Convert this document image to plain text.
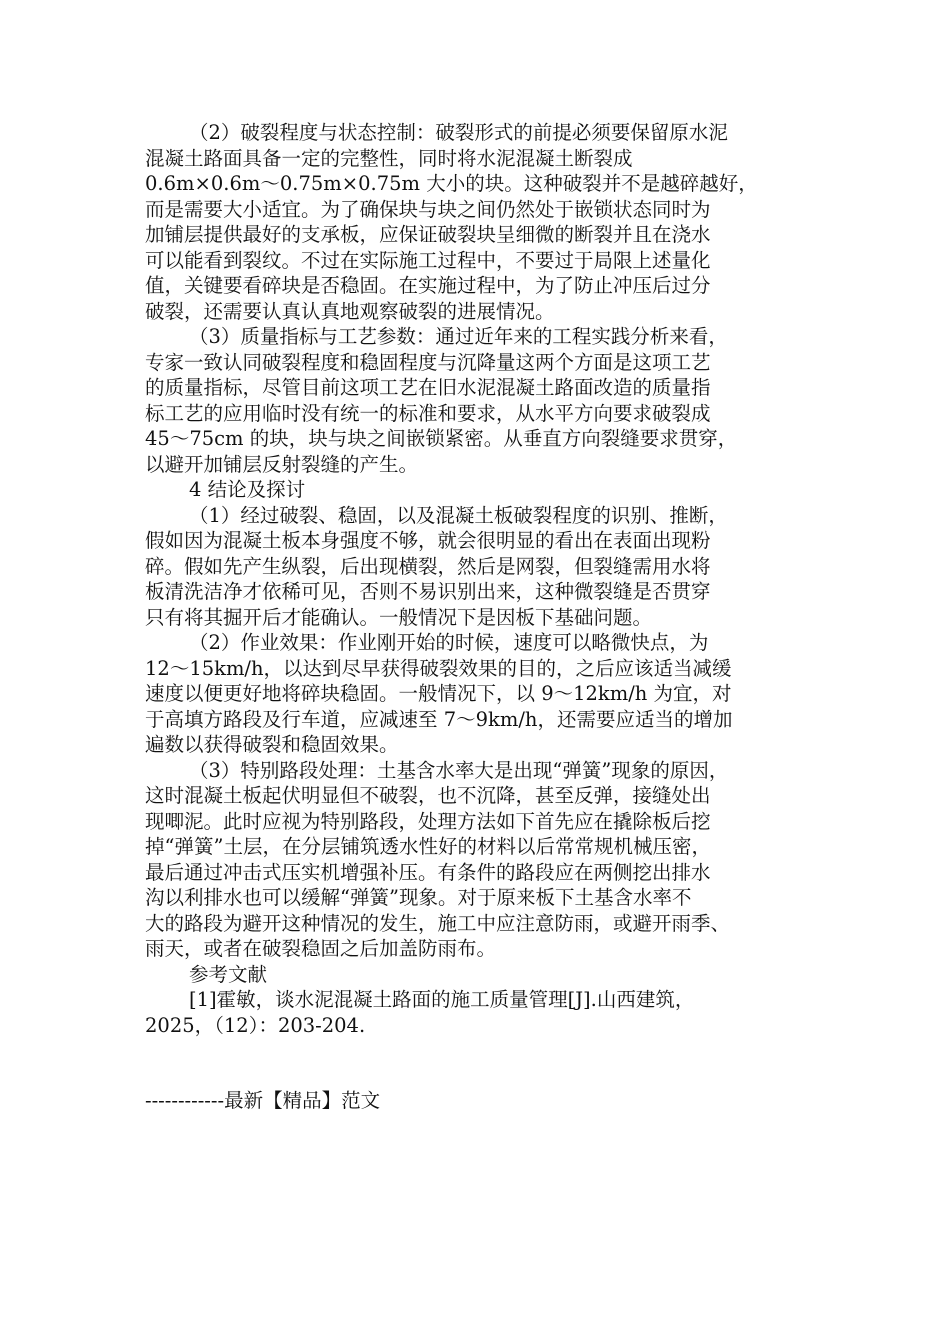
（2）破裂程度与状态控制：破裂形式的前提必须要保留原水泥
混凝土路面具备一定的完整性，同时将水泥混凝土断裂成
0.6m×0.6m～0.75m×0.75m 大小的块。这种破裂并不是越碎越好，
而是需要大小适宜。为了确保块与块之间仍然处于嵌锁状态同时为
加铺层提供最好的支承板，应保证破裂块呈细微的断裂并且在浇水
可以能看到裂纹。不过在实际施工过程中，不要过于局限上述量化
值，关键要看碎块是否稳固。在实施过程中，为了防止冲压后过分
破裂，还需要认真认真地观察破裂的进展情况。
（3）质量指标与工艺参数：通过近年来的工程实践分析来看，
专家一致认同破裂程度和稳固程度与沉降量这两个方面是这项工艺
的质量指标，尽管目前这项工艺在旧水泥混凝土路面改造的质量指
标工艺的应用临时没有统一的标准和要求，从水平方向要求破裂成
45～75cm 的块，块与块之间嵌锁紧密。从垂直方向裂缝要求贯穿，
以避开加铺层反射裂缝的产生。
4 结论及探讨
（1）经过破裂、稳固，以及混凝土板破裂程度的识别、推断，
假如因为混凝土板本身强度不够，就会很明显的看出在表面出现粉
碎。假如先产生纵裂，后出现横裂，然后是网裂，但裂缝需用水将
板清洗洁净才依稀可见，否则不易识别出来，这种微裂缝是否贯穿
只有将其掘开后才能确认。一般情况下是因板下基础问题。
（2）作业效果：作业刚开始的时候，速度可以略微快点，为
12～15km/h，以达到尽早获得破裂效果的目的，之后应该适当减缓
速度以便更好地将碎块稳固。一般情况下，以 9～12km/h 为宜，对
于高填方路段及行车道，应减速至 7～9km/h，还需要应适当的增加
遍数以获得破裂和稳固效果。
（3）特别路段处理：土基含水率大是出现“弹簧”现象的原因，
这时混凝土板起伏明显但不破裂，也不沉降，甚至反弹，接缝处出
现唧泥。此时应视为特别路段，处理方法如下首先应在撬除板后挖
掉“弹簧”土层，在分层铺筑透水性好的材料以后常常规机械压密，
最后通过冲击式压实机增强补压。有条件的路段应在两侧挖出排水
沟以利排水也可以缓解“弹簧”现象。对于原来板下土基含水率不
大的路段为避开这种情况的发生，施工中应注意防雨，或避开雨季、
雨天，或者在破裂稳固之后加盖防雨布。
参考文献
[1]霍敏，谈水泥混凝土路面的施工质量管理[J].山西建筑，
2025，（12）：203-204.
------------最新【精品】范文
